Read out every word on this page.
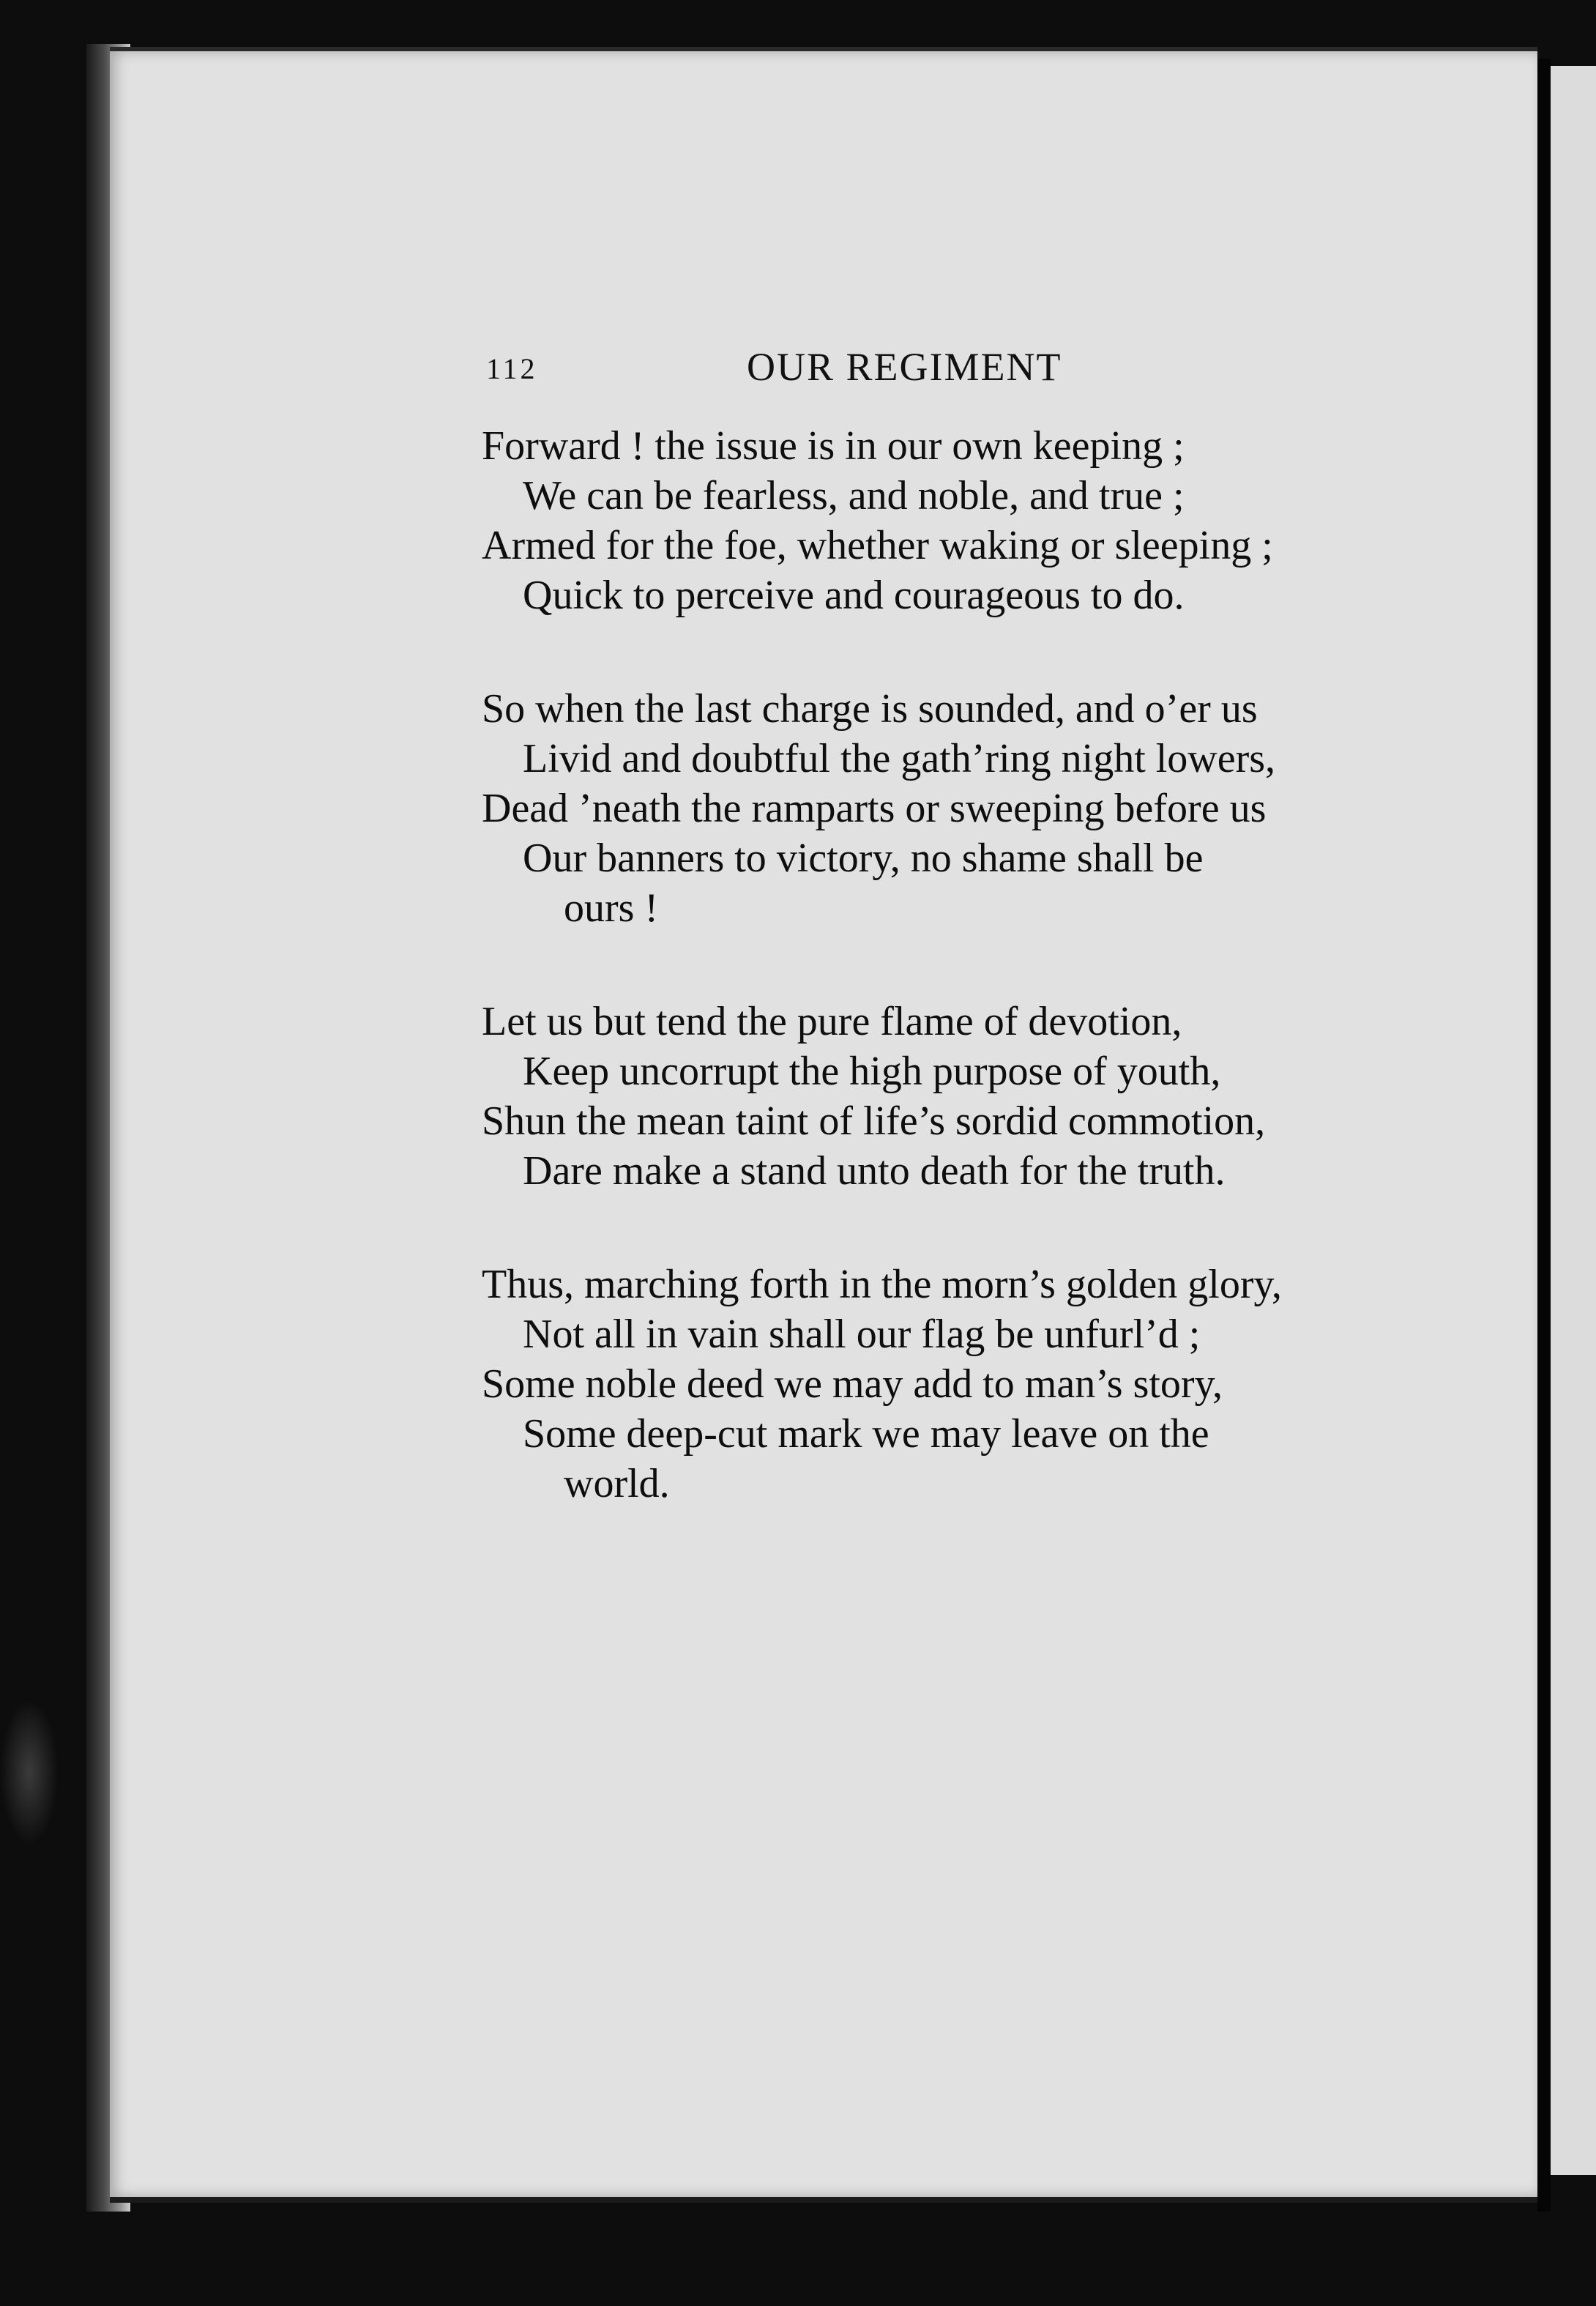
112	OUR REGIMENT
Forward ! the issue is in our own keeping ;
We can be fearless, and noble, and true ;
Armed for the foe, whether waking or sleeping ;
Quick to perceive and courageous to do.
So when the last charge is sounded, and o’er us
Livid and doubtful the gath’ring night lowers,
Dead ’neath the ramparts or sweeping before us
Our banners to victory, no shame shall be
ours !
Let us but tend the pure flame of devotion,
Keep uncorrupt the high purpose of youth,
Shun the mean taint of life’s sordid commotion,
Dare make a stand unto death for the truth.
Thus, marching forth in the morn’s golden glory,
Not all in vain shall our flag be unfurl’d ;
Some noble deed we may add to man’s story,
Some deep-cut mark we may leave on the
world.
